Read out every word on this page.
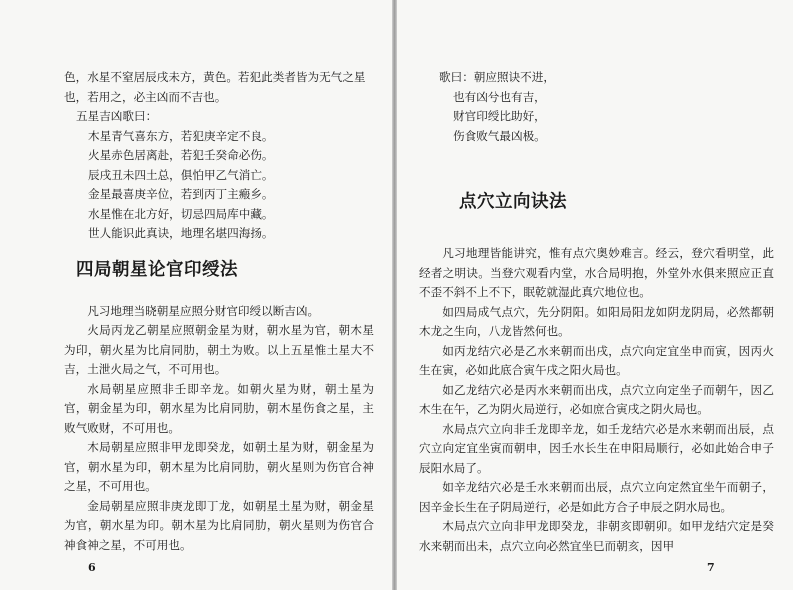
色，水星不窒居辰戌未方，黄色。若犯此类者皆为无气之星

也，若用之，必主凶而不吉也。

五星吉凶歌曰：

木星青气喜东方，若犯庚辛定不良。

火星赤色居离赴，若犯壬癸命必伤。

辰戌丑未四土总，俱怕甲乙气消亡。

金星最喜庚辛位，若到丙丁主瘢乡。

水星惟在北方好，切忌四局库中藏。

世人能识此真诀，地理名堪四海扬。

四局朝星论官印绶法

凡习地理当晓朝星应照分财官印绶以断吉凶。

火局丙龙乙朝星应照朝金星为财，朝水星为官，朝木星为印，朝火星为比肩同肋，朝土为败。以上五星惟土星大不吉，土泄火局之气，不可用也。

水局朝星应照非壬即辛龙。如朝火星为财，朝土星为官，朝金星为印，朝水星为比肩同肋，朝木星伤食之星，主败气败财，不可用也。

木局朝星应照非甲龙即癸龙，如朝土星为财，朝金星为官，朝水星为印，朝木星为比肩同肋，朝火星则为伤官合神之星，不可用也。

金局朝星应照非庚龙即丁龙，如朝星土星为财，朝金星为官，朝水星为印。朝木星为比肩同肋，朝火星则为伤官合神食神之星，不可用也。

6

歌曰：朝应照诀不进，

也有凶兮也有吉，
财官印绶比助好，
伤食败气最凶极。
点穴立向诀法

凡习地理皆能讲究，惟有点穴奥妙难言。经云，登穴看明堂，此经者之明诀。当登穴观看内堂，水合局明抱，外堂外水俱来照应正直不歪不斜不上不下，眠乾就湿此真穴地位也。

如四局成气点穴，先分阴阳。如阳局阳龙如阴龙阴局，必然都朝木龙之生向，八龙皆然何也。

如丙龙结穴必是乙水来朝而出戌，点穴向定宜坐申而寅，因丙火生在寅，必如此底合寅午戌之阳火局也。

如乙龙结穴必是丙水来朝而出戌，点穴立向定坐子而朝午，因乙木生在午，乙为阴火局逆行，必如庶合寅戌之阴火局也。

水局点穴立向非壬龙即辛龙，如壬龙结穴必是水来朝而出辰，点穴立向定宜坐寅而朝申，因壬水长生在申阳局顺行，必如此始合申子辰阳水局了。

如辛龙结穴必是壬水来朝而出辰，点穴立向定然宜坐午而朝子，因辛金长生在子阴局逆行，必是如此方合子申辰之阴水局也。

木局点穴立向非甲龙即癸龙，非朝亥即朝卯。如甲龙结穴定是癸水来朝而出未，点穴立向必然宜坐巳而朝亥，因甲

7
